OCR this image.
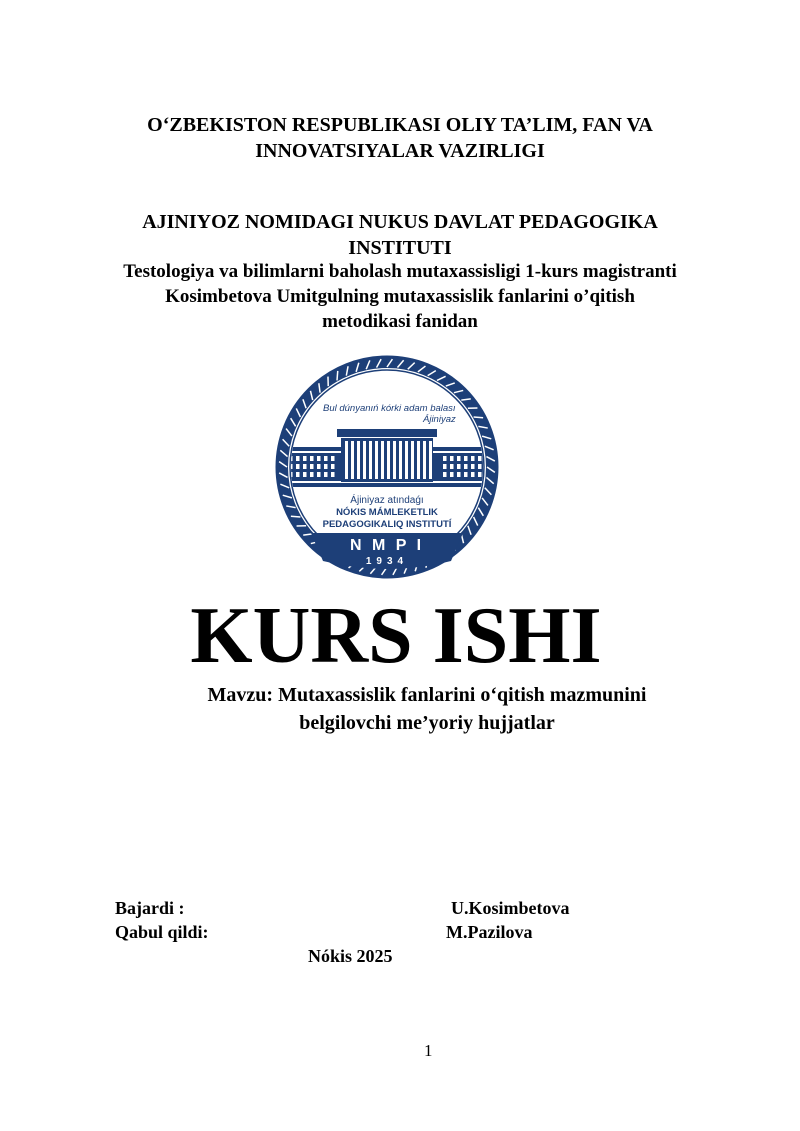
O‘ZBEKISTON RESPUBLIKASI OLIY TA’LIM, FAN VA
INNOVATSIYALAR VAZIRLIGI
AJINIYOZ NOMIDAGI NUKUS DAVLAT PEDAGOGIKA
INSTITUTI
Testologiya va bilimlarni baholash mutaxassisligi 1-kurs magistranti
Kosimbetova Umitgulning mutaxassislik fanlarini o’qitish
metodikasi fanidan
Bul dúnyanıń kórki adam balası
Ájiniyaz
Ájiniyaz atındaǵı
NÓKIS MÁMLEKETLIK
PEDAGOGIKALIQ INSTITUTÍ
N M P I
1934
KURS ISHI
Mavzu: Mutaxassislik fanlarini o‘qitish mazmunini
belgilovchi me’yoriy hujjatlar
Bajardi :	U.Kosimbetova
Qabul qildi:	M.Pazilova
Nókis 2025
1
